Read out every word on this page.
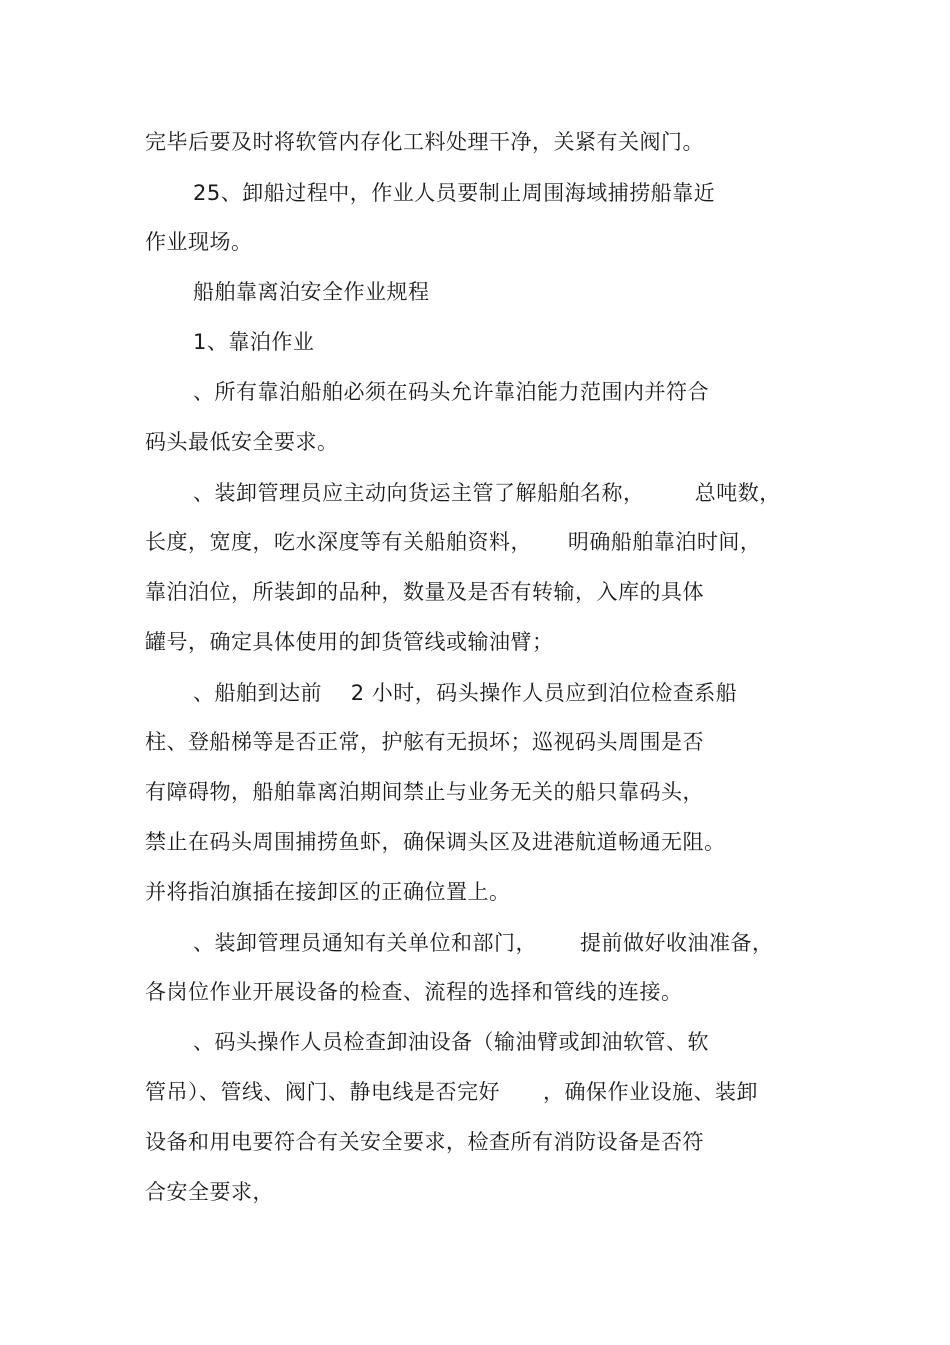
完毕后要及时将软管内存化工料处理干净，关紧有关阀门。
25、卸船过程中，作业人员要制止周围海域捕捞船靠近
作业现场。
船舶靠离泊安全作业规程
1、靠泊作业
、所有靠泊船舶必须在码头允许靠泊能力范围内并符合
码头最低安全要求。
、装卸管理员应主动向货运主管了解船舶名称，       总吨数，
长度，宽度，吃水深度等有关船舶资料，     明确船舶靠泊时间，
靠泊泊位，所装卸的品种，数量及是否有转输，入库的具体
罐号，确定具体使用的卸货管线或输油臂；
、船舶到达前    2 小时，码头操作人员应到泊位检查系船
柱、登船梯等是否正常，护舷有无损坏；巡视码头周围是否
有障碍物，船舶靠离泊期间禁止与业务无关的船只靠码头，
禁止在码头周围捕捞鱼虾，确保调头区及进港航道畅通无阻。
并将指泊旗插在接卸区的正确位置上。
、装卸管理员通知有关单位和部门，      提前做好收油准备，
各岗位作业开展设备的检查、流程的选择和管线的连接。
、码头操作人员检查卸油设备（输油臂或卸油软管、软
管吊）、管线、阀门、静电线是否完好      ，确保作业设施、装卸
设备和用电要符合有关安全要求，检查所有消防设备是否符
合安全要求，
